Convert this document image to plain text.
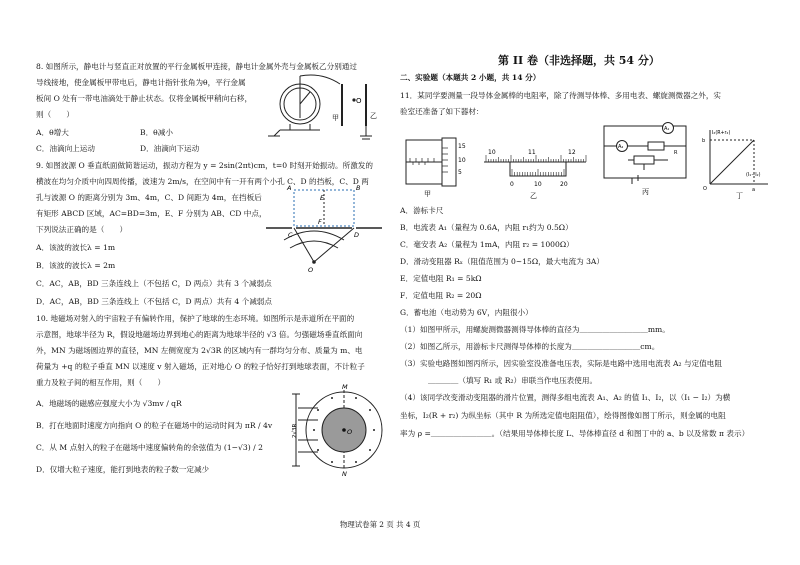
8. 如图所示，静电计与竖直正对放置的平行金属板甲连接，静电计金属外壳与金属板乙分别通过
导线接地，使金属板甲带电后，静电计指针张角为θ，平行金属
板间 O 处有一带电油滴处于静止状态。仅将金属板甲稍向右移，
则（　　）
A．θ增大	B．θ减小
C．油滴向上运动	D．油滴向下运动
9. 如图波源 O 垂直纸面做简谐运动，振动方程为 y = 2sin(2πt)cm，t=0 时刻开始振动。所激发的
横波在均匀介质中向四周传播，波速为 2m/s，在空间中有一开有两个小孔 C、D 的挡板，C、D 两
孔与波源 O 的距离分别为 3m、4m，C、D 间距为 4m，在挡板后
有矩形 ABCD 区域，AC=BD=3m，E、F 分别为 AB、CD 中点，
下列说法正确的是（　　）
A．该波的波长λ = 1m
B．该波的波长λ = 2m
C．AC，AB，BD 三条连线上（不包括 C，D 两点）共有 3 个减弱点
D．AC，AB，BD 三条连线上（不包括 C，D 两点）共有 4 个减弱点
10. 地磁场对射入的宇宙粒子有偏转作用，保护了地球的生态环境。如图所示是赤道所在平面的
示意图，地球半径为 R，假设地磁场边界到地心的距离为地球半径的 √3 倍。匀强磁场垂直纸面向
外，MN 为磁场圆边界的直径，MN 左侧宽度为 2√3R 的区域内有一群均匀分布、质量为 m、电
荷量为 +q 的粒子垂直 MN 以速度 v 射入磁场，正对地心 O 的粒子恰好打到地球表面，不计粒子
重力及粒子间的相互作用，则（　　）
A．地磁场的磁感应强度大小为 √3mv / qR
B．打在地面时速度方向指向 O 的粒子在磁场中的运动时间为 πR / 4v
C．从 M 点射入的粒子在磁场中速度偏转角的余弦值为 (1−√3) / 2
D．仅增大粒子速度，能打到地表的粒子数一定减少
O
甲	乙
A	B
E
F
C	D
O
M
N
O
2√3R
第 II 卷（非选择题，共 54 分）
二、实验题（本题共 2 小题，共 14 分）
11．某同学要测量一段导体金属棒的电阻率，除了待测导体棒、多用电表、螺旋测微器之外，实
验室还准备了如下器材：
A．游标卡尺
B．电流表 A₁（量程为 0.6A，内阻 r₁约为 0.5Ω）
C．毫安表 A₂（量程为 1mA，内阻 r₂ = 1000Ω）
D．滑动变阻器 Rₓ（阻值范围为 0~15Ω，最大电流为 3A）
E．定值电阻 R₁ = 5kΩ
F．定值电阻 R₂ = 20Ω
G．蓄电池（电动势为 6V，内阻很小）
（1）如图甲所示，用螺旋测微器测得导体棒的直径为＿＿＿＿＿＿＿＿＿mm。
（2）如图乙所示，用游标卡尺测得导体棒的长度为＿＿＿＿＿＿＿＿＿cm。
（3）实验电路图如图丙所示，因实验室没准备电压表，实际是电路中选用电流表 A₂ 与定值电阻
＿＿＿＿（填写 R₁ 或 R₂）串联当作电压表使用。
（4）该同学改变滑动变阻器的滑片位置，测得多组电流表 A₁、A₂ 的值 I₁、I₂，以（I₁ − I₂）为横
坐标，I₂(R + r₂) 为纵坐标（其中 R 为所选定值电阻阻值），绘得图像如图丁所示，则金属的电阻
率为 ρ =＿＿＿＿＿＿＿＿。（结果用导体棒长度 L、导体棒直径 d 和图丁中的 a、b 以及常数 π 表示）
15
10
5
甲
10	11	12
0	10	20
乙
A₂
A₁
R
丙
I₂(R+r₂)
b
a
(I₁−I₂)
O
丁
物理试卷第 2 页 共 4 页
